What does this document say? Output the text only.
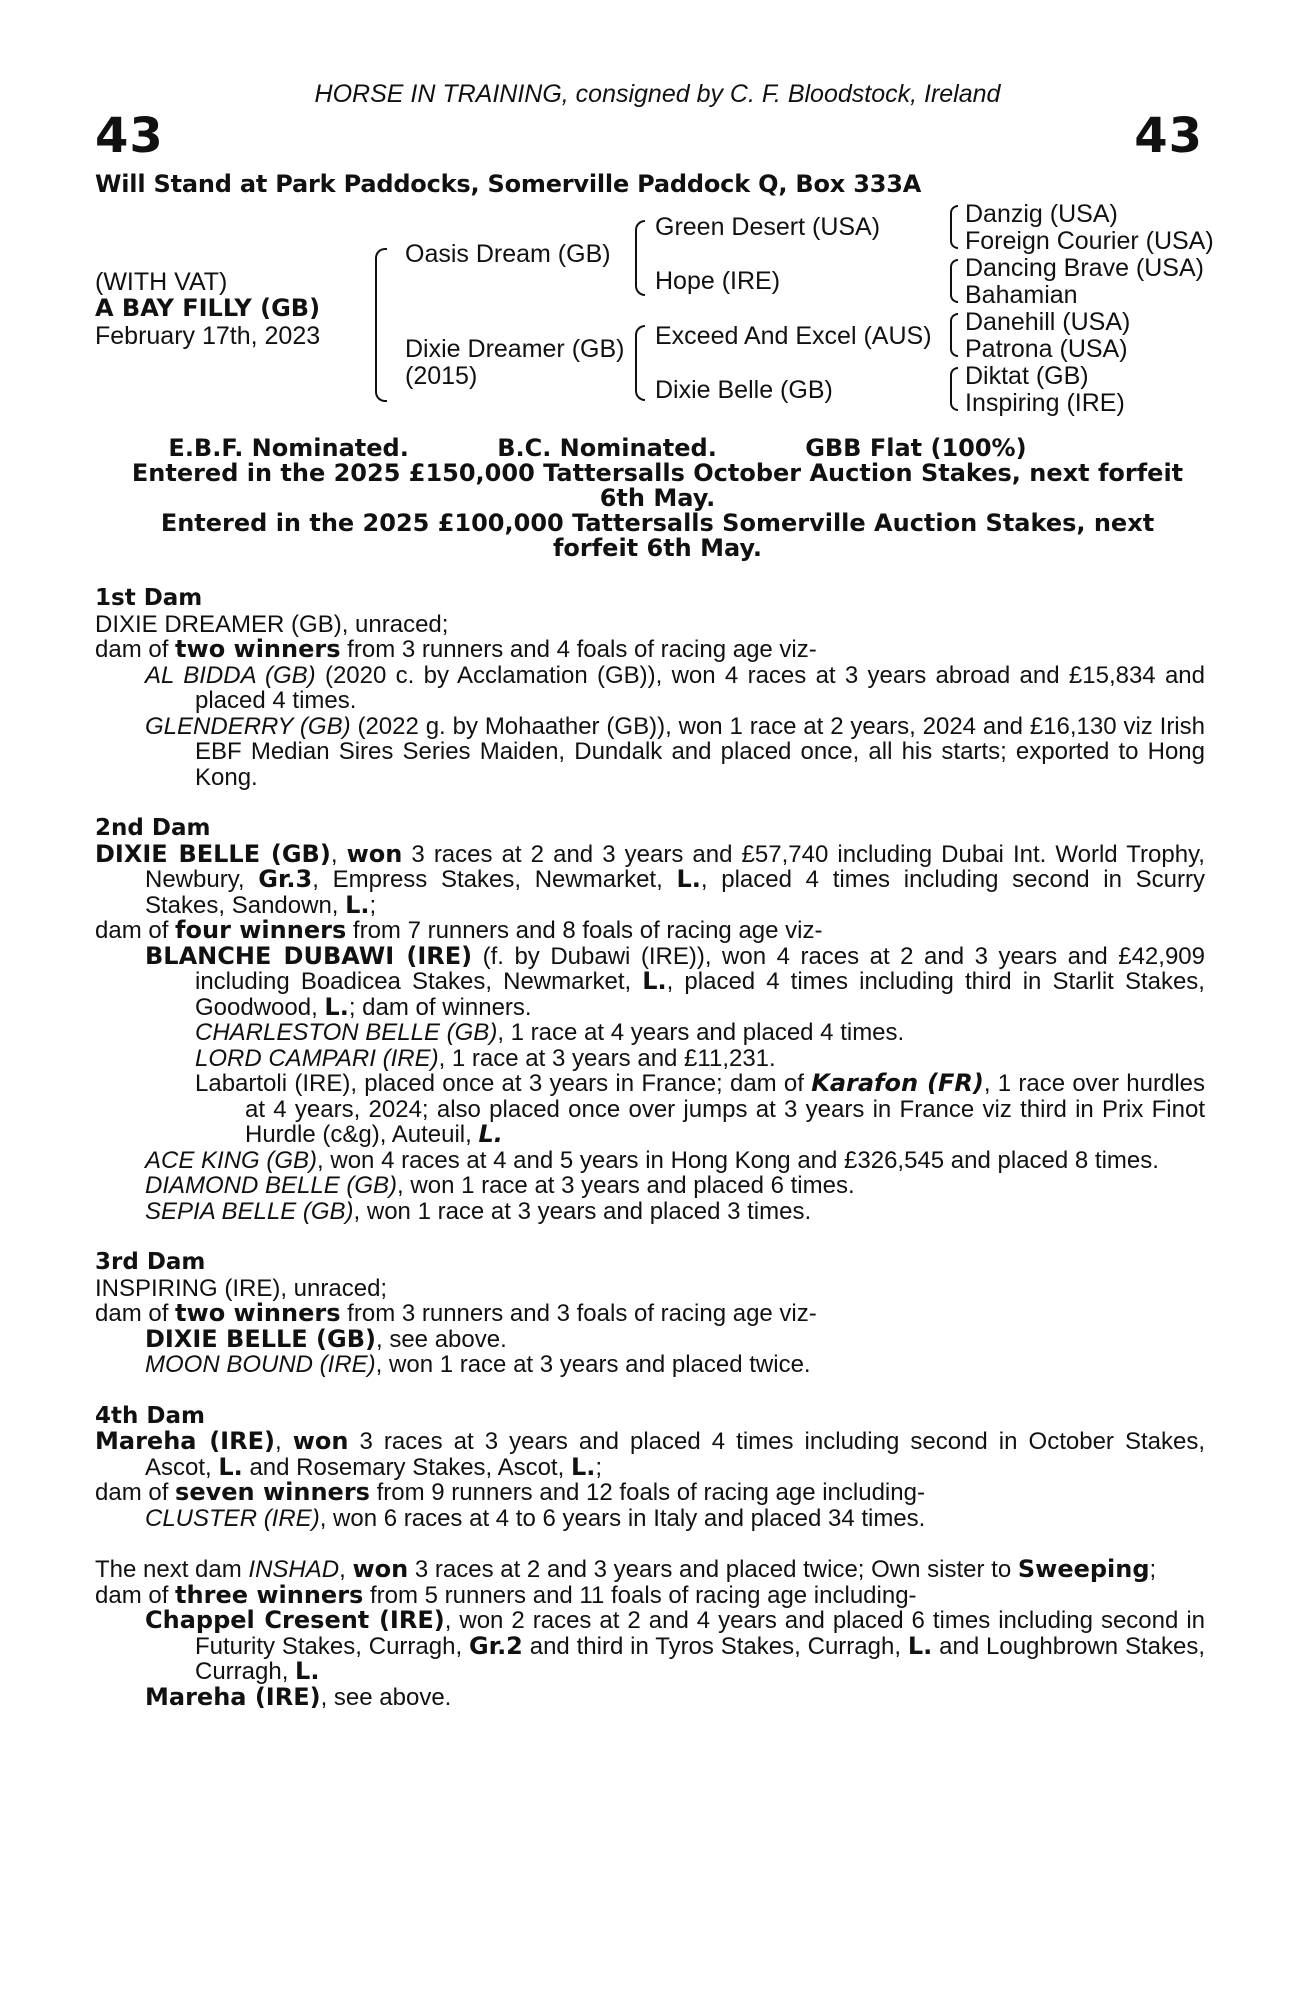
HORSE IN TRAINING, consigned by C. F. Bloodstock, Ireland
43	43
Will Stand at Park Paddocks, Somerville Paddock Q, Box 333A
(WITH VAT)
A BAY FILLY (GB)
February 17th, 2023
Oasis Dream (GB)
Dixie Dreamer (GB)
(2015)
Green Desert (USA)
Hope (IRE)
Exceed And Excel (AUS)
Dixie Belle (GB)
Danzig (USA)
Foreign Courier (USA)
Dancing Brave (USA)
Bahamian
Danehill (USA)
Patrona (USA)
Diktat (GB)
Inspiring (IRE)
E.B.F. Nominated.	B.C. Nominated.	GBB Flat (100%)
Entered in the 2025 £150,000 Tattersalls October Auction Stakes, next forfeit
6th May.
Entered in the 2025 £100,000 Tattersalls Somerville Auction Stakes, next
forfeit 6th May.
1st Dam

DIXIE DREAMER (GB), unraced;

dam of two winners from 3 runners and 4 foals of racing age viz-

AL BIDDA (GB) (2020 c. by Acclamation (GB)), won 4 races at 3 years abroad and £15,834 and placed 4 times.

GLENDERRY (GB) (2022 g. by Mohaather (GB)), won 1 race at 2 years, 2024 and £16,130 viz Irish EBF Median Sires Series Maiden, Dundalk and placed once, all his starts; exported to Hong Kong.

2nd Dam

DIXIE BELLE (GB), won 3 races at 2 and 3 years and £57,740 including Dubai Int. World Trophy, Newbury, Gr.3, Empress Stakes, Newmarket, L., placed 4 times including second in Scurry Stakes, Sandown, L.;

dam of four winners from 7 runners and 8 foals of racing age viz-

BLANCHE DUBAWI (IRE) (f. by Dubawi (IRE)), won 4 races at 2 and 3 years and £42,909 including Boadicea Stakes, Newmarket, L., placed 4 times including third in Starlit Stakes, Goodwood, L.; dam of winners.

CHARLESTON BELLE (GB), 1 race at 4 years and placed 4 times.

LORD CAMPARI (IRE), 1 race at 3 years and £11,231.

Labartoli (IRE), placed once at 3 years in France; dam of Karafon (FR), 1 race over hurdles at 4 years, 2024; also placed once over jumps at 3 years in France viz third in Prix Finot Hurdle (c&g), Auteuil, L.

ACE KING (GB), won 4 races at 4 and 5 years in Hong Kong and £326,545 and placed 8 times.

DIAMOND BELLE (GB), won 1 race at 3 years and placed 6 times.

SEPIA BELLE (GB), won 1 race at 3 years and placed 3 times.

3rd Dam

INSPIRING (IRE), unraced;

dam of two winners from 3 runners and 3 foals of racing age viz-

DIXIE BELLE (GB), see above.

MOON BOUND (IRE), won 1 race at 3 years and placed twice.

4th Dam

Mareha (IRE), won 3 races at 3 years and placed 4 times including second in October Stakes, Ascot, L. and Rosemary Stakes, Ascot, L.;

dam of seven winners from 9 runners and 12 foals of racing age including-

CLUSTER (IRE), won 6 races at 4 to 6 years in Italy and placed 34 times.

The next dam INSHAD, won 3 races at 2 and 3 years and placed twice; Own sister to Sweeping;

dam of three winners from 5 runners and 11 foals of racing age including-

Chappel Cresent (IRE), won 2 races at 2 and 4 years and placed 6 times including second in Futurity Stakes, Curragh, Gr.2 and third in Tyros Stakes, Curragh, L. and Loughbrown Stakes, Curragh, L.

Mareha (IRE), see above.
